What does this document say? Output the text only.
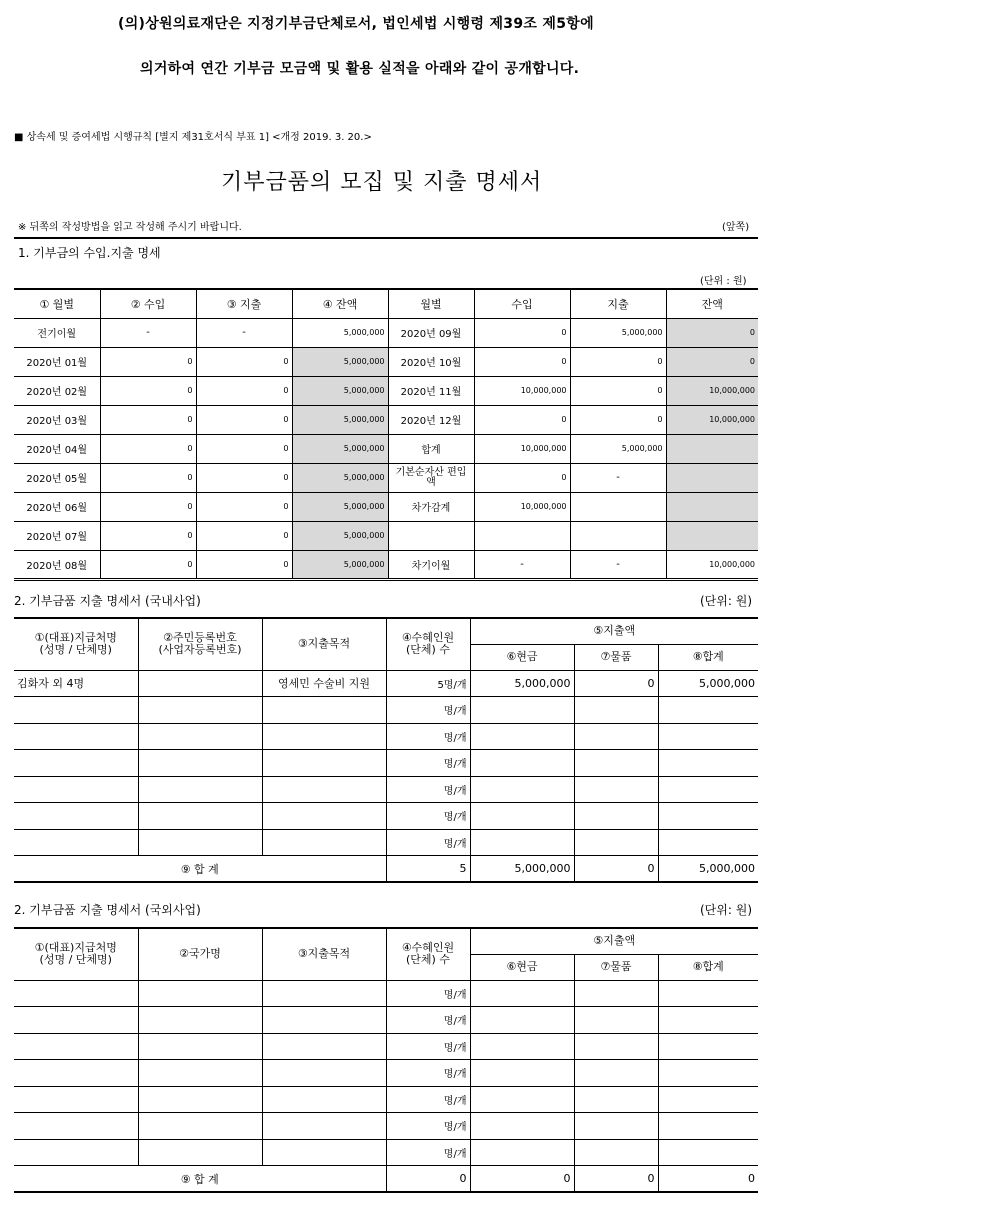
(의)상원의료재단은 지정기부금단체로서, 법인세법 시행령 제39조 제5항에
의거하여 연간 기부금 모금액 및 활용 실적을 아래와 같이 공개합니다.
■ 상속세 및 증여세법 시행규칙 [별지 제31호서식 부표 1] <개정 2019. 3. 20.>
기부금품의 모집 및 지출 명세서
※ 뒤쪽의 작성방법을 읽고 작성해 주시기 바랍니다.	(앞쪽)
1. 기부금의 수입.지출 명세
(단위 : 원)
① 월별	② 수입	③ 지출	④ 잔액	월별	수입	지출	잔액
전기이월	-	-	5,000,000	2020년 09월	0	5,000,000	0
2020년 01월	0	0	5,000,000	2020년 10월	0	0	0
2020년 02월	0	0	5,000,000	2020년 11월	10,000,000	0	10,000,000
2020년 03월	0	0	5,000,000	2020년 12월	0	0	10,000,000
2020년 04월	0	0	5,000,000	합계	10,000,000	5,000,000	
2020년 05월	0	0	5,000,000	기본순자산 편입액	0	-	
2020년 06월	0	0	5,000,000	차가감계	10,000,000		
2020년 07월	0	0	5,000,000				
2020년 08월	0	0	5,000,000	차기이월	-	-	10,000,000
2. 기부금품 지출 명세서 (국내사업)	(단위: 원)
①(대표)지급처명
(성명 / 단체명)	②주민등록번호
(사업자등록번호)	③지출목적	④수혜인원
(단체) 수	⑤지출액		
				⑥현금	⑦물품	⑧합계
김화자 외 4명		영세민 수술비 지원	5명/개	5,000,000	0	5,000,000
			명/개			
			명/개			
			명/개			
			명/개			
			명/개			
			명/개			
⑨ 합 계			5	5,000,000	0	5,000,000
2. 기부금품 지출 명세서 (국외사업)	(단위: 원)
①(대표)지급처명
(성명 / 단체명)	②국가명	③지출목적	④수혜인원
(단체) 수	⑤지출액		
				⑥현금	⑦물품	⑧합계
			명/개			
			명/개			
			명/개			
			명/개			
			명/개			
			명/개			
			명/개			
⑨ 합 계			0	0	0	0
